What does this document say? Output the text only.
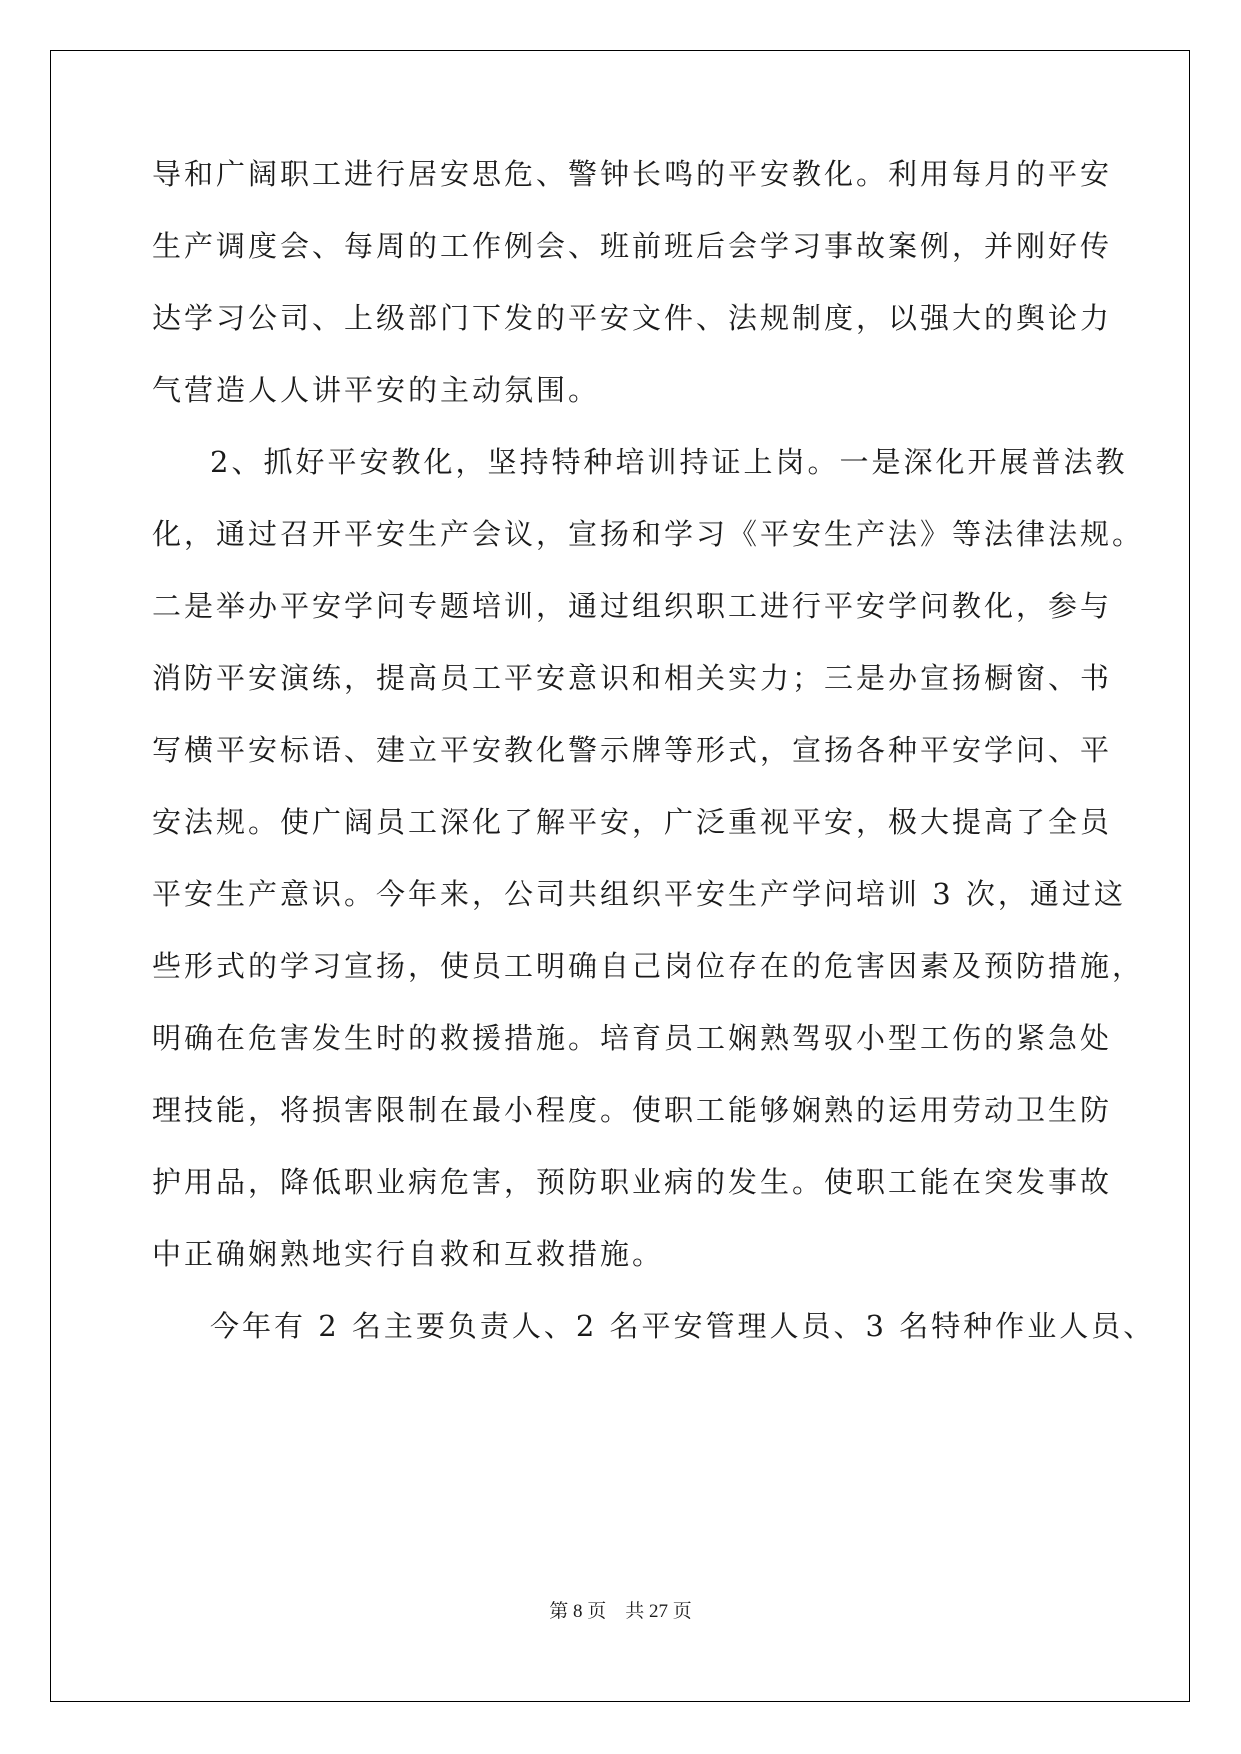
导和广阔职工进行居安思危、警钟长鸣的平安教化。利用每月的平安

生产调度会、每周的工作例会、班前班后会学习事故案例，并刚好传

达学习公司、上级部门下发的平安文件、法规制度，以强大的舆论力

气营造人人讲平安的主动氛围。

2、抓好平安教化，坚持特种培训持证上岗。一是深化开展普法教

化，通过召开平安生产会议，宣扬和学习《平安生产法》等法律法规。

二是举办平安学问专题培训，通过组织职工进行平安学问教化，参与

消防平安演练，提高员工平安意识和相关实力；三是办宣扬橱窗、书

写横平安标语、建立平安教化警示牌等形式，宣扬各种平安学问、平

安法规。使广阔员工深化了解平安，广泛重视平安，极大提高了全员

平安生产意识。今年来，公司共组织平安生产学问培训 3 次，通过这

些形式的学习宣扬，使员工明确自己岗位存在的危害因素及预防措施，

明确在危害发生时的救援措施。培育员工娴熟驾驭小型工伤的紧急处

理技能，将损害限制在最小程度。使职工能够娴熟的运用劳动卫生防

护用品，降低职业病危害，预防职业病的发生。使职工能在突发事故

中正确娴熟地实行自救和互救措施。

今年有 2 名主要负责人、2 名平安管理人员、3 名特种作业人员、

第 8 页    共 27 页
